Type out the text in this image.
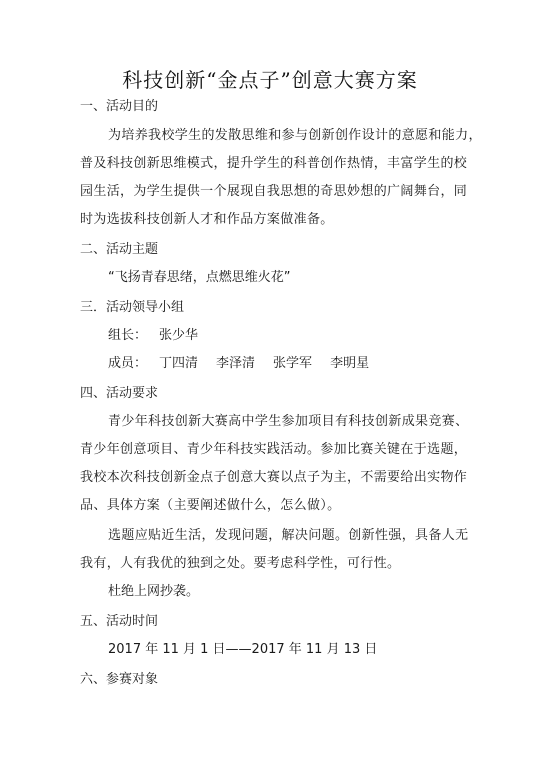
科技创新“金点子”创意大赛方案
一、活动目的
为培养我校学生的发散思维和参与创新创作设计的意愿和能力，
普及科技创新思维模式，提升学生的科普创作热情，丰富学生的校
园生活，为学生提供一个展现自我思想的奇思妙想的广阔舞台，同
时为选拔科技创新人才和作品方案做准备。
二、活动主题
“飞扬青春思绪，点燃思维火花”
三．活动领导小组
组长： 张少华
成员： 丁四清 李泽清 张学军 李明星
四、活动要求
青少年科技创新大赛高中学生参加项目有科技创新成果竞赛、
青少年创意项目、青少年科技实践活动。参加比赛关键在于选题，
我校本次科技创新金点子创意大赛以点子为主，不需要给出实物作
品、具体方案（主要阐述做什么，怎么做）。
选题应贴近生活，发现问题，解决问题。创新性强，具备人无
我有，人有我优的独到之处。要考虑科学性，可行性。
杜绝上网抄袭。
五、活动时间
2017 年 11 月 1 日——2017 年 11 月 13 日
六、参赛对象
